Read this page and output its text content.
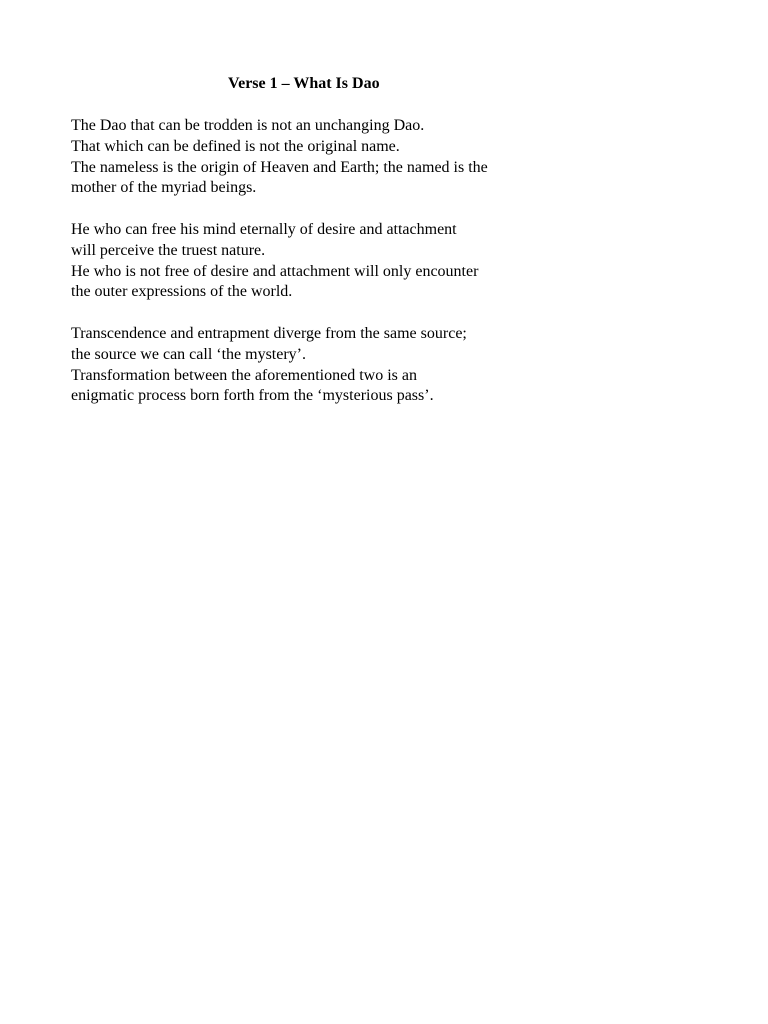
Verse 1 – What Is Dao
The Dao that can be trodden is not an unchanging Dao.
That which can be defined is not the original name.
The nameless is the origin of Heaven and Earth; the named is the
mother of the myriad beings.
He who can free his mind eternally of desire and attachment
will perceive the truest nature.
He who is not free of desire and attachment will only encounter
the outer expressions of the world.
Transcendence and entrapment diverge from the same source;
the source we can call ‘the mystery’.
Transformation between the aforementioned two is an
enigmatic process born forth from the ‘mysterious pass’.
